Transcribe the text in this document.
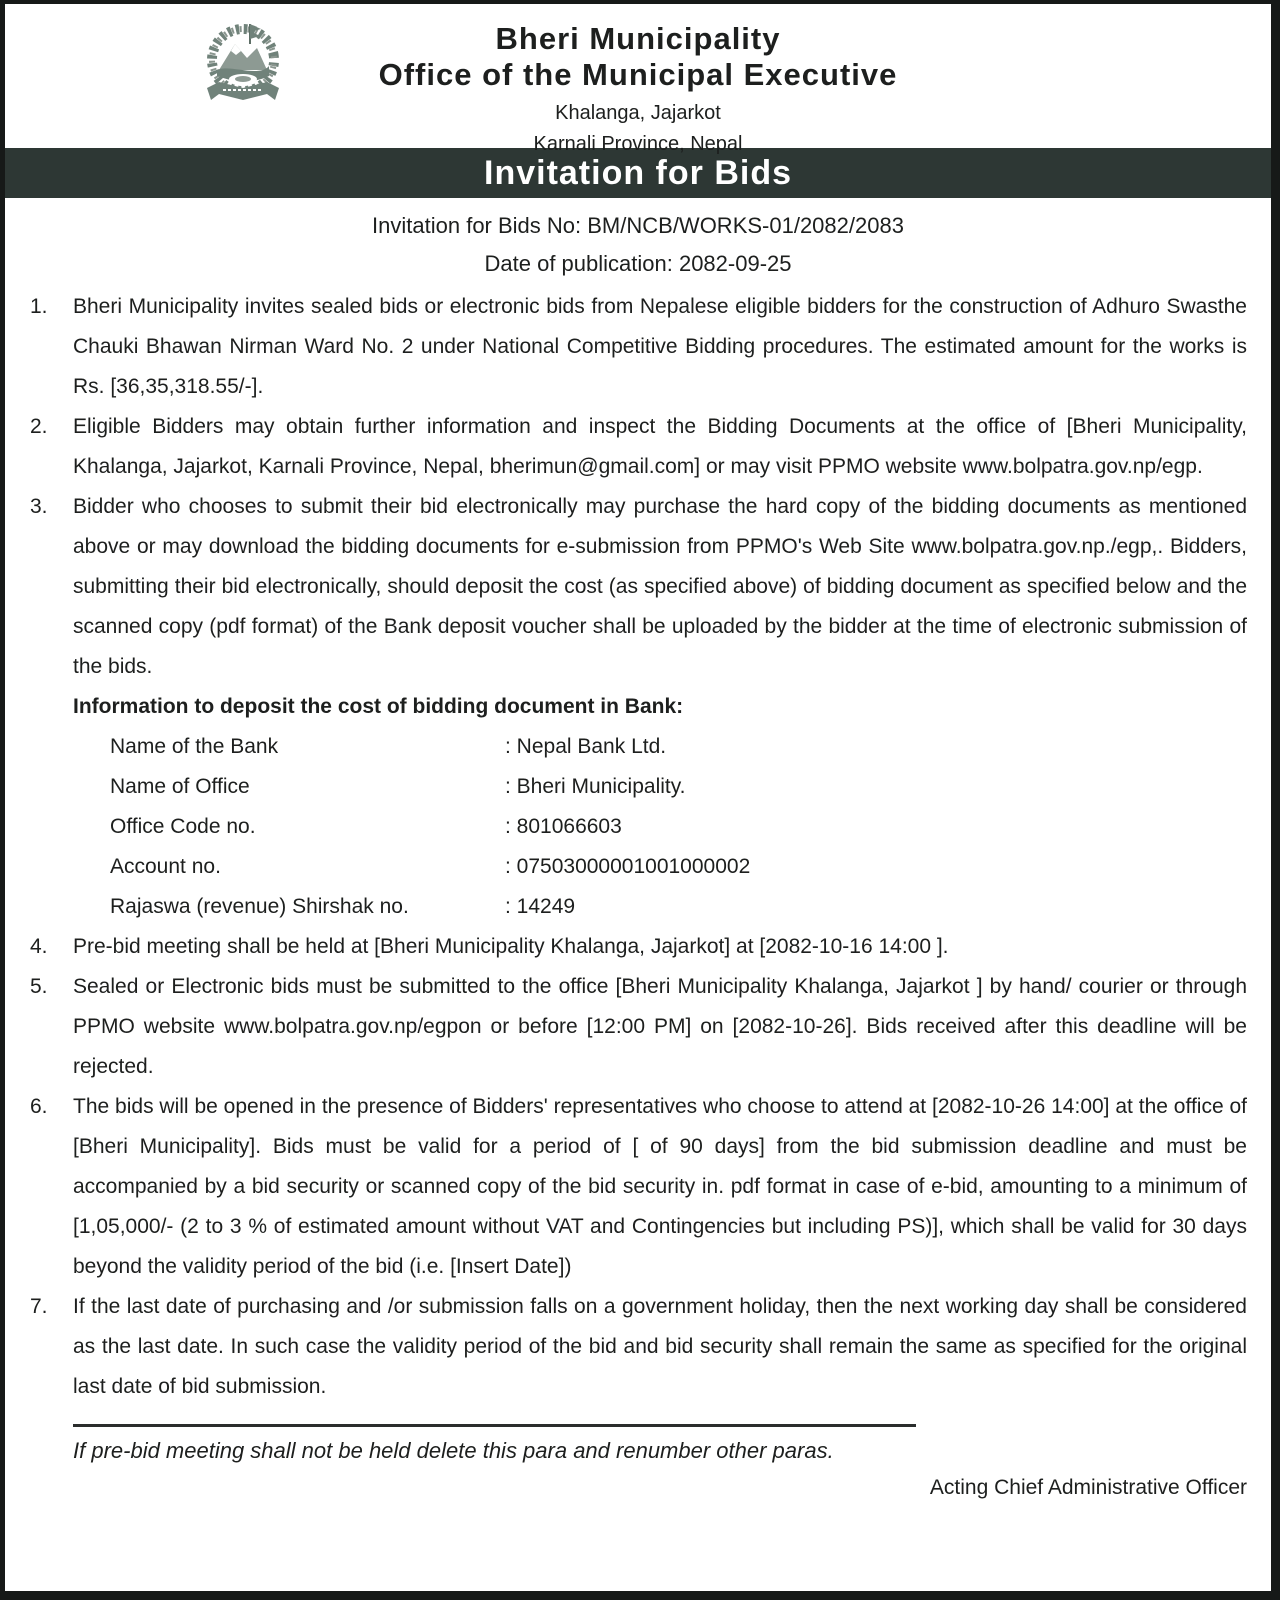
Bheri Municipality
Office of the Municipal Executive
Khalanga, Jajarkot
Karnali Province, Nepal
Invitation for Bids
Invitation for Bids No: BM/NCB/WORKS-01/2082/2083
Date of publication: 2082-09-25
1.	Bheri Municipality invites sealed bids or electronic bids from Nepalese eligible bidders for the construction of Adhuro Swasthe Chauki Bhawan Nirman Ward No. 2 under National Competitive Bidding procedures. The estimated amount for the works is Rs. [36,35,318.55/-].
2.	Eligible Bidders may obtain further information and inspect the Bidding Documents at the office of [Bheri Municipality, Khalanga, Jajarkot, Karnali Province, Nepal, bherimun@gmail.com] or may visit PPMO website www.bolpatra.gov.np/egp.
3.	Bidder who chooses to submit their bid electronically may purchase the hard copy of the bidding documents as mentioned above or may download the bidding documents for e-submission from PPMO's Web Site www.bolpatra.gov.np./egp,. Bidders, submitting their bid electronically, should deposit the cost (as specified above) of bidding document as specified below and the scanned copy (pdf format) of the Bank deposit voucher shall be uploaded by the bidder at the time of electronic submission of the bids.
Information to deposit the cost of bidding document in Bank:
Name of the Bank	: Nepal Bank Ltd.
Name of Office	: Bheri Municipality.
Office Code no.	: 801066603
Account no.	: 07503000001001000002
Rajaswa (revenue) Shirshak no.	: 14249
4.	Pre-bid meeting shall be held at [Bheri Municipality Khalanga, Jajarkot] at [2082-10-16 14:00 ].
5.	Sealed or Electronic bids must be submitted to the office [Bheri Municipality Khalanga, Jajarkot ] by hand/ courier or through PPMO website www.bolpatra.gov.np/egpon or before [12:00 PM] on [2082-10-26]. Bids received after this deadline will be rejected.
6.	The bids will be opened in the presence of Bidders' representatives who choose to attend at [2082-10-26 14:00] at the office of [Bheri Municipality]. Bids must be valid for a period of [ of 90 days] from the bid submission deadline and must be accompanied by a bid security or scanned copy of the bid security in. pdf format in case of e-bid, amounting to a minimum of [1,05,000/- (2 to 3 % of estimated amount without VAT and Contingencies but including PS)], which shall be valid for 30 days beyond the validity period of the bid (i.e. [Insert Date])
7.	If the last date of purchasing and /or submission falls on a government holiday, then the next working day shall be considered as the last date. In such case the validity period of the bid and bid security shall remain the same as specified for the original last date of bid submission.
If pre-bid meeting shall not be held delete this para and renumber other paras.
Acting Chief Administrative Officer
